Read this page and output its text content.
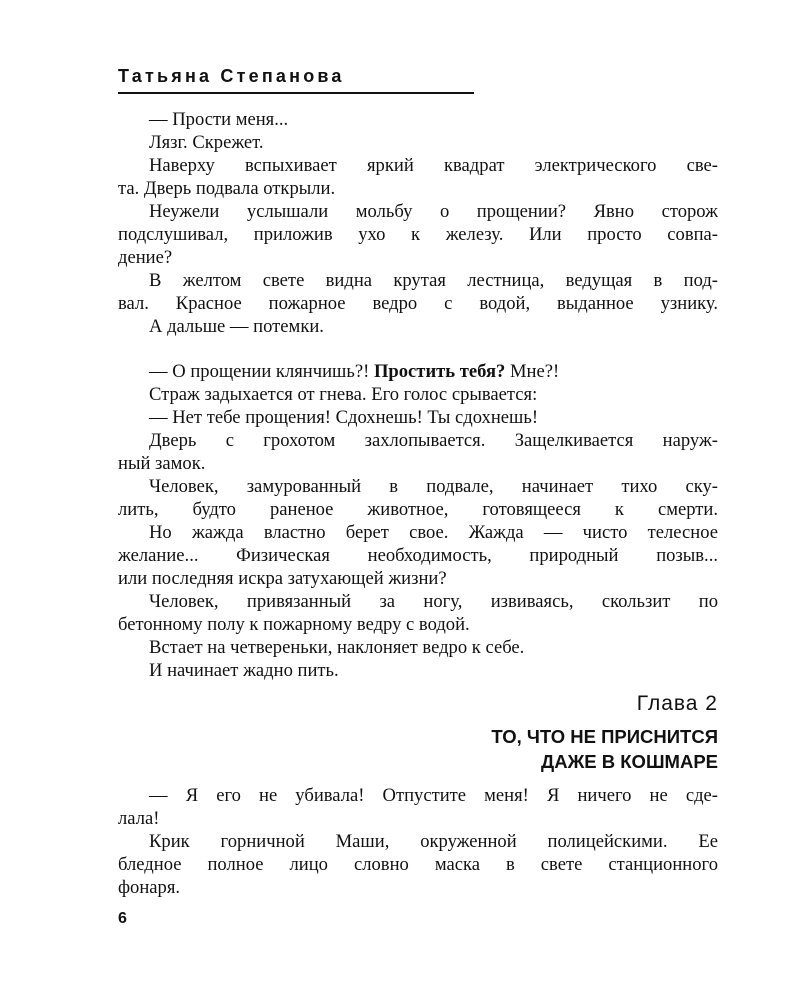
Татьяна Степанова
— Прости меня...
Лязг. Скрежет.
Наверху вспыхивает яркий квадрат электрического све-
та. Дверь подвала открыли.
Неужели услышали мольбу о прощении? Явно сторож
подслушивал, приложив ухо к железу. Или просто совпа-
дение?
В желтом свете видна крутая лестница, ведущая в под-
вал. Красное пожарное ведро с водой, выданное узнику.
А дальше — потемки.
— О прощении клянчишь?! Простить тебя? Мне?!
Страж задыхается от гнева. Его голос срывается:
— Нет тебе прощения! Сдохнешь! Ты сдохнешь!
Дверь с грохотом захлопывается. Защелкивается наруж-
ный замок.
Человек, замурованный в подвале, начинает тихо ску-
лить, будто раненое животное, готовящееся к смерти.
Но жажда властно берет свое. Жажда — чисто телесное
желание... Физическая необходимость, природный позыв...
или последняя искра затухающей жизни?
Человек, привязанный за ногу, извиваясь, скользит по
бетонному полу к пожарному ведру с водой.
Встает на четвереньки, наклоняет ведро к себе.
И начинает жадно пить.
Глава 2
ТО, ЧТО НЕ ПРИСНИТСЯ
ДАЖЕ В КОШМАРЕ
— Я его не убивала! Отпустите меня! Я ничего не сде-
лала!
Крик горничной Маши, окруженной полицейскими. Ее
бледное полное лицо словно маска в свете станционного
фонаря.
6
